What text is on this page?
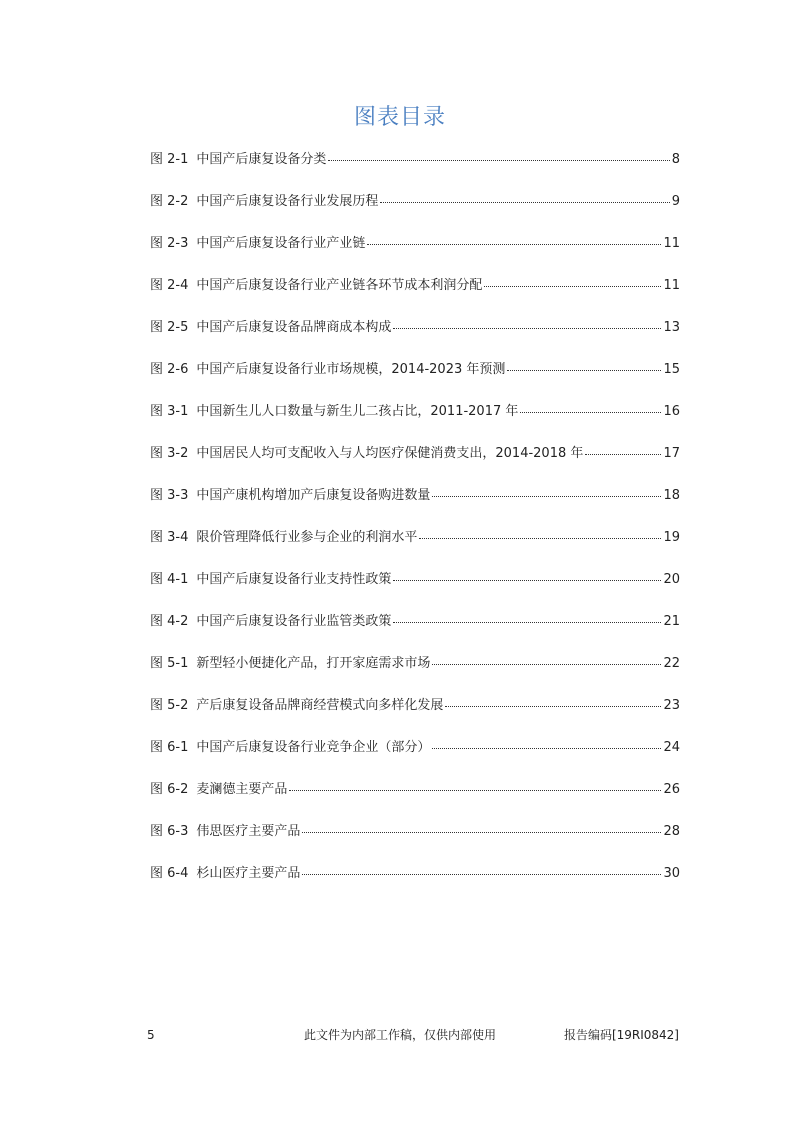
图表目录
图 2-1 中国产后康复设备分类	8
图 2-2 中国产后康复设备行业发展历程	9
图 2-3 中国产后康复设备行业产业链	11
图 2-4 中国产后康复设备行业产业链各环节成本利润分配	11
图 2-5 中国产后康复设备品牌商成本构成	13
图 2-6 中国产后康复设备行业市场规模，2014-2023 年预测	15
图 3-1 中国新生儿人口数量与新生儿二孩占比，2011-2017 年	16
图 3-2 中国居民人均可支配收入与人均医疗保健消费支出，2014-2018 年	17
图 3-3 中国产康机构增加产后康复设备购进数量	18
图 3-4 限价管理降低行业参与企业的利润水平	19
图 4-1 中国产后康复设备行业支持性政策	20
图 4-2 中国产后康复设备行业监管类政策	21
图 5-1 新型轻小便捷化产品，打开家庭需求市场	22
图 5-2 产后康复设备品牌商经营模式向多样化发展	23
图 6-1 中国产后康复设备行业竞争企业（部分）	24
图 6-2 麦澜德主要产品	26
图 6-3 伟思医疗主要产品	28
图 6-4 杉山医疗主要产品	30
5	此文件为内部工作稿，仅供内部使用	报告编码[19RI0842]
